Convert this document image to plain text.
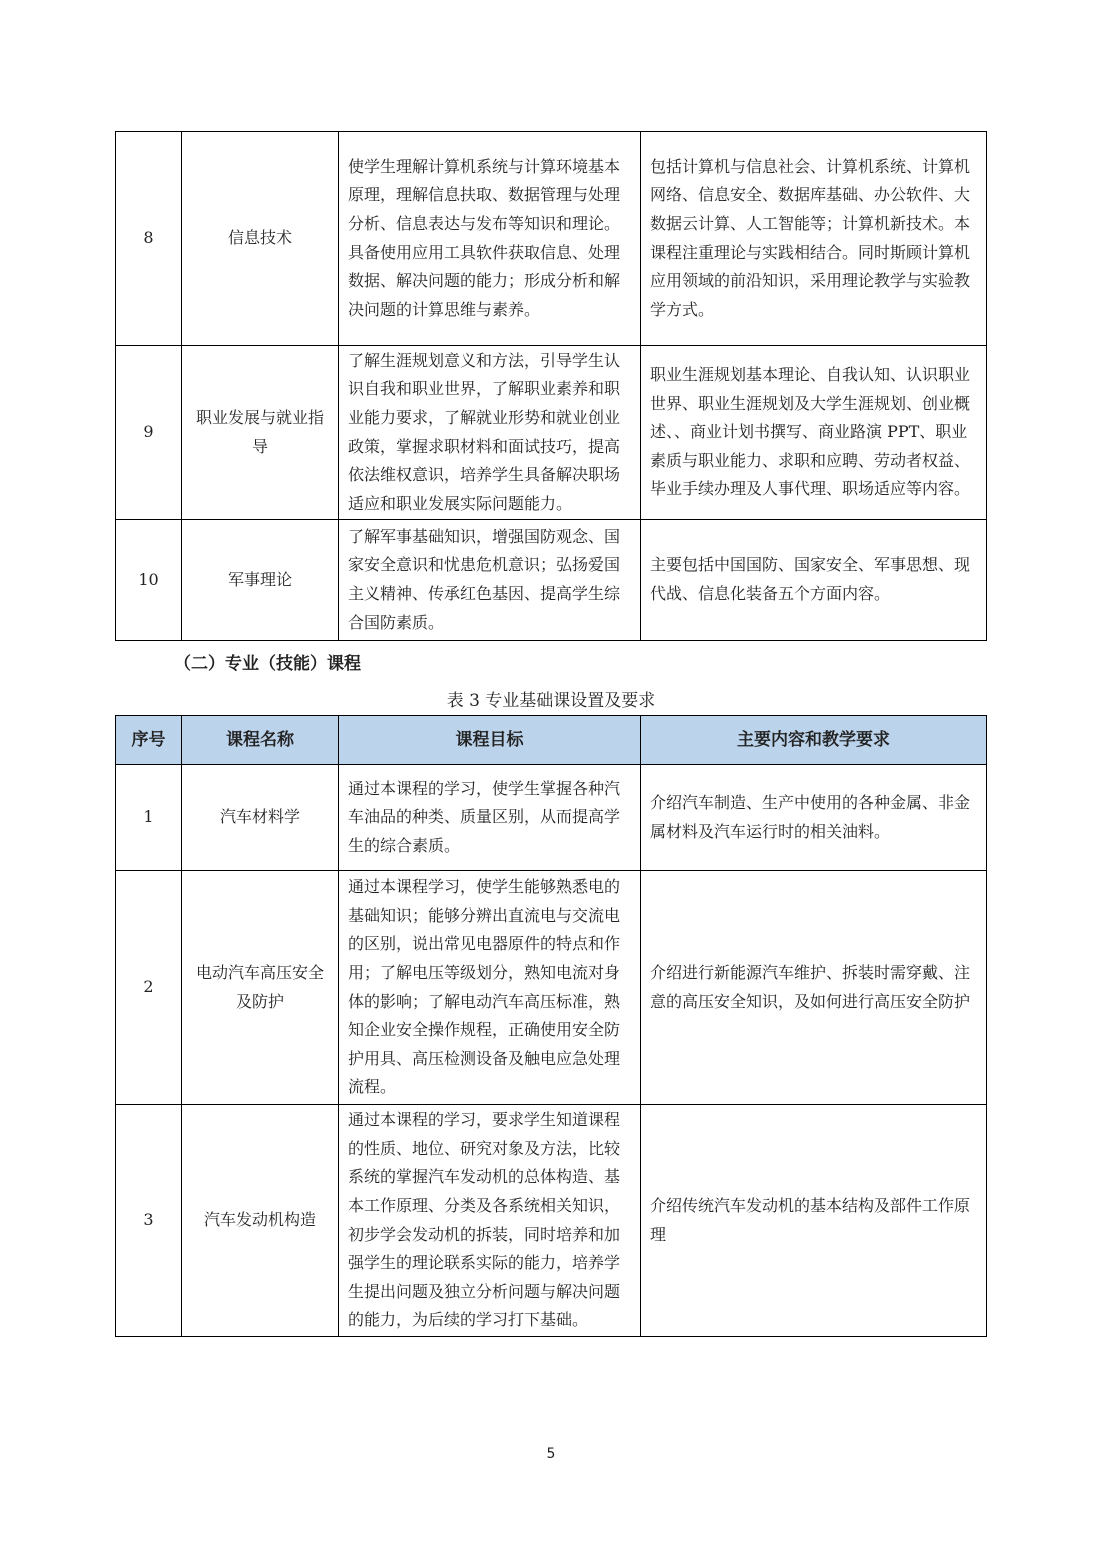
8	信息技术	使学生理解计算机系统与计算环境基本原理，理解信息扶取、数据管理与处理分析、信息表达与发布等知识和理论。具备使用应用工具软件获取信息、处理数据、解决问题的能力；形成分析和解决问题的计算思维与素养。	包括计算机与信息社会、计算机系统、计算机网络、信息安全、数据库基础、办公软件、大数据云计算、人工智能等；计算机新技术。本课程注重理论与实践相结合。同时斯顾计算机应用领域的前沿知识，采用理论教学与实验教学方式。
9	职业发展与就业指导	了解生涯规划意义和方法，引导学生认识自我和职业世界，了解职业素养和职业能力要求，了解就业形势和就业创业政策，掌握求职材料和面试技巧，提高依法维权意识，培养学生具备解决职场适应和职业发展实际问题能力。	职业生涯规划基本理论、自我认知、认识职业世界、职业生涯规划及大学生涯规划、创业概述、、商业计划书撰写、商业路演 PPT、职业素质与职业能力、求职和应聘、劳动者权益、毕业手续办理及人事代理、职场适应等内容。
10	军事理论	了解军事基础知识，增强国防观念、国家安全意识和忧患危机意识；弘扬爱国主义精神、传承红色基因、提高学生综合国防素质。	主要包括中国国防、国家安全、军事思想、现代战、信息化装备五个方面内容。
（二）专业（技能）课程
表 3 专业基础课设置及要求
序号	课程名称	课程目标	主要内容和教学要求
1	汽车材料学	通过本课程的学习，使学生掌握各种汽车油品的种类、质量区别，从而提高学生的综合素质。	介绍汽车制造、生产中使用的各种金属、非金属材料及汽车运行时的相关油料。
2	电动汽车高压安全及防护	通过本课程学习，使学生能够熟悉电的基础知识；能够分辨出直流电与交流电的区别，说出常见电器原件的特点和作用；了解电压等级划分，熟知电流对身体的影响；了解电动汽车高压标准，熟知企业安全操作规程，正确使用安全防护用具、高压检测设备及触电应急处理流程。	介绍进行新能源汽车维护、拆装时需穿戴、注意的高压安全知识，及如何进行高压安全防护
3	汽车发动机构造	通过本课程的学习，要求学生知道课程的性质、地位、研究对象及方法，比较系统的掌握汽车发动机的总体构造、基本工作原理、分类及各系统相关知识，初步学会发动机的拆装，同时培养和加强学生的理论联系实际的能力，培养学生提出问题及独立分析问题与解决问题的能力，为后续的学习打下基础。	介绍传统汽车发动机的基本结构及部件工作原理
5
